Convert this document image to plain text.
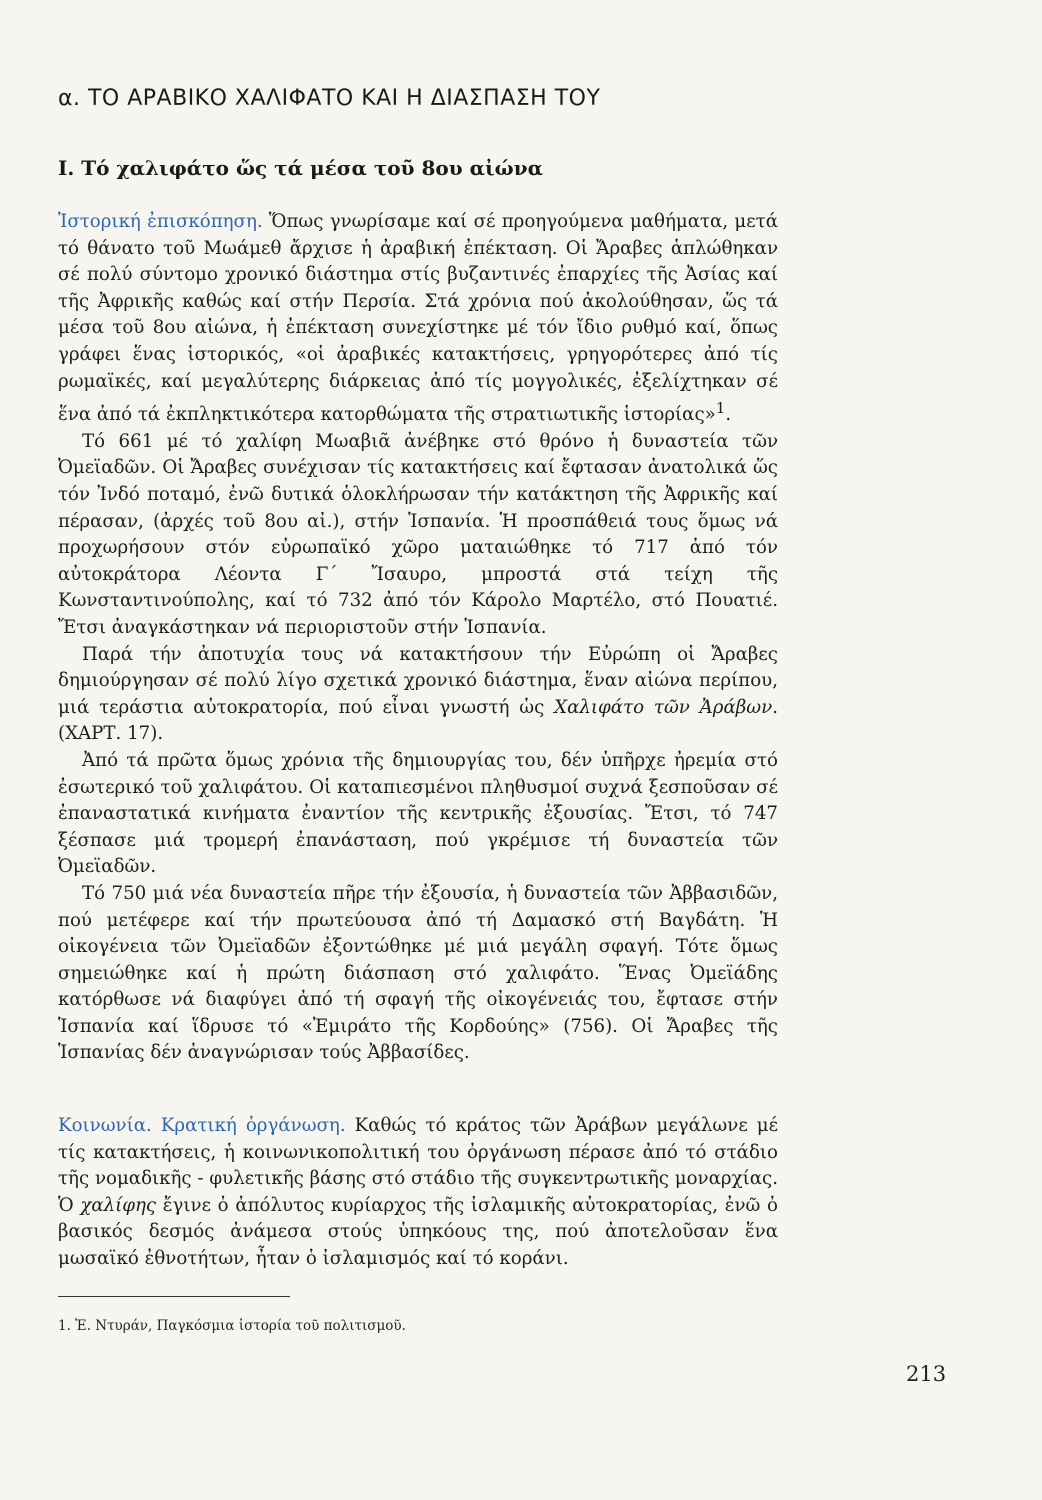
α. ΤΟ ΑΡΑΒΙΚΟ ΧΑΛΙΦΑΤΟ ΚΑΙ Η ΔΙΑΣΠΑΣΗ ΤΟΥ
Ι. Τό χαλιφάτο ὥς τά μέσα τοῦ 8ου αἰώνα

Ἱστορική ἐπισκόπηση. Ὅπως γνωρίσαμε καί σέ προηγούμενα μαθήματα, μετά τό θάνατο τοῦ Μωάμεθ ἄρχισε ἡ ἀραβική ἐπέκταση. Οἱ Ἄραβες ἁπλώθηκαν σέ πολύ σύντομο χρονικό διάστημα στίς βυζαντινές ἐπαρχίες τῆς Ἀσίας καί τῆς Ἀφρικῆς καθώς καί στήν Περσία. Στά χρόνια πού ἀκολούθησαν, ὥς τά μέσα τοῦ 8ου αἰώνα, ἡ ἐπέκταση συνεχίστηκε μέ τόν ἴδιο ρυθμό καί, ὅπως γράφει ἕνας ἱστορικός, «οἱ ἀραβικές κατακτήσεις, γρηγορότερες ἀπό τίς ρωμαϊκές, καί μεγαλύτερης διάρκειας ἀπό τίς μογγολικές, ἐξελίχτηκαν σέ ἕνα ἀπό τά ἐκπληκτικότερα κατορθώματα τῆς στρατιωτικῆς ἱστορίας»$^1$.

Τό 661 μέ τό χαλίφη Μωαβιᾶ ἀνέβηκε στό θρόνο ἡ δυναστεία τῶν Ὀμεϊαδῶν. Οἱ Ἄραβες συνέχισαν τίς κατακτήσεις καί ἔφτασαν ἀνατολικά ὥς τόν Ἰνδό ποταμό, ἐνῶ δυτικά ὁλοκλήρωσαν τήν κατάκτηση τῆς Ἀφρικῆς καί πέρασαν, (ἀρχές τοῦ 8ου αἰ.), στήν Ἱσπανία. Ἡ προσπάθειά τους ὅμως νά προχωρήσουν στόν εὐρωπαϊκό χῶρο ματαιώθηκε τό 717 ἀπό τόν αὐτοκράτορα Λέοντα Γ΄ Ἴσαυρο, μπροστά στά τείχη τῆς Κωνσταντινούπολης, καί τό 732 ἀπό τόν Κάρολο Μαρτέλο, στό Πουατιέ. Ἔτσι ἀναγκάστηκαν νά περιοριστοῦν στήν Ἱσπανία.

Παρά τήν ἀποτυχία τους νά κατακτήσουν τήν Εὐρώπη οἱ Ἄραβες δημιούργησαν σέ πολύ λίγο σχετικά χρονικό διάστημα, ἕναν αἰώνα περίπου, μιά τεράστια αὐτοκρατορία, πού εἶναι γνωστή ὡς Χαλιφάτο τῶν Ἀράβων. (ΧΑΡΤ. 17).

Ἀπό τά πρῶτα ὅμως χρόνια τῆς δημιουργίας του, δέν ὑπῆρχε ἠρεμία στό ἐσωτερικό τοῦ χαλιφάτου. Οἱ καταπιεσμένοι πληθυσμοί συχνά ξεσποῦσαν σέ ἐπαναστατικά κινήματα ἐναντίον τῆς κεντρικῆς ἐξουσίας. Ἔτσι, τό 747 ξέσπασε μιά τρομερή ἐπανάσταση, πού γκρέμισε τή δυναστεία τῶν Ὀμεϊαδῶν.

Τό 750 μιά νέα δυναστεία πῆρε τήν ἐξουσία, ἡ δυναστεία τῶν Ἀββασιδῶν, πού μετέφερε καί τήν πρωτεύουσα ἀπό τή Δαμασκό στή Βαγδάτη. Ἡ οἰκογένεια τῶν Ὀμεϊαδῶν ἐξοντώθηκε μέ μιά μεγάλη σφαγή. Τότε ὅμως σημειώθηκε καί ἡ πρώτη διάσπαση στό χαλιφάτο. Ἕνας Ὀμεϊάδης κατόρθωσε νά διαφύγει ἀπό τή σφαγή τῆς οἰκογένειάς του, ἔφτασε στήν Ἱσπανία καί ἵδρυσε τό «Ἐμιράτο τῆς Κορδούης» (756). Οἱ Ἄραβες τῆς Ἱσπανίας δέν ἀναγνώρισαν τούς Ἀββασίδες.

Κοινωνία. Κρατική ὀργάνωση. Καθώς τό κράτος τῶν Ἀράβων μεγάλωνε μέ τίς κατακτήσεις, ἡ κοινωνικοπολιτική του ὀργάνωση πέρασε ἀπό τό στάδιο τῆς νομαδικῆς - φυλετικῆς βάσης στό στάδιο τῆς συγκεντρωτικῆς μοναρχίας. Ὁ χαλίφης ἔγινε ὁ ἀπόλυτος κυρίαρχος τῆς ἰσλαμικῆς αὐτοκρατορίας, ἐνῶ ὁ βασικός δεσμός ἀνάμεσα στούς ὑπηκόους της, πού ἀποτελοῦσαν ἕνα μωσαϊκό ἐθνοτήτων, ἦταν ὁ ἰσλαμισμός καί τό κοράνι.

1. Ἐ. Ντυράν, Παγκόσμια ἱστορία τοῦ πολιτισμοῦ.
213
